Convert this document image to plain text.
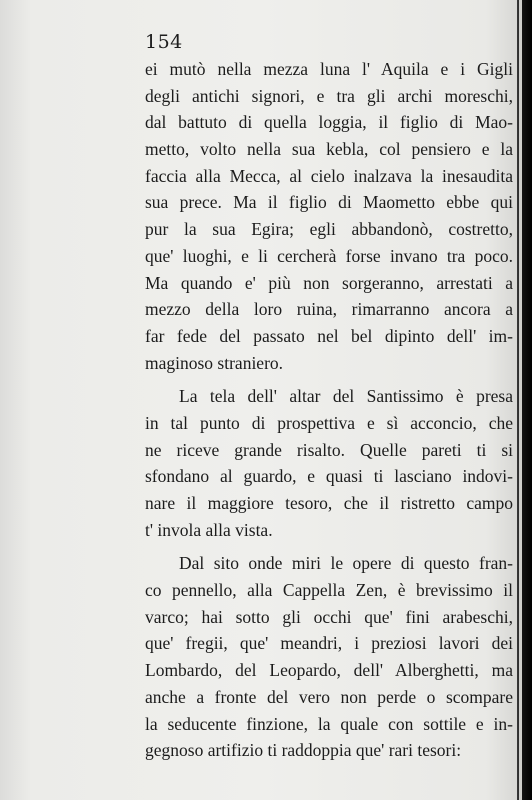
154
ei mutò nella mezza luna l' Aquila e i Gigli
degli antichi signori, e tra gli archi moreschi,
dal battuto di quella loggia, il figlio di Mao-
metto, volto nella sua kebla, col pensiero e la
faccia alla Mecca, al cielo inalzava la inesaudita
sua prece. Ma il figlio di Maometto ebbe qui
pur la sua Egira; egli abbandonò, costretto,
que' luoghi, e li cercherà forse invano tra poco.
Ma quando e' più non sorgeranno, arrestati a
mezzo della loro ruina, rimarranno ancora a
far fede del passato nel bel dipinto dell' im-
maginoso straniero.
La tela dell' altar del Santissimo è presa
in tal punto di prospettiva e sì acconcio, che
ne riceve grande risalto. Quelle pareti ti si
sfondano al guardo, e quasi ti lasciano indovi-
nare il maggiore tesoro, che il ristretto campo
t' invola alla vista.
Dal sito onde miri le opere di questo fran-
co pennello, alla Cappella Zen, è brevissimo il
varco; hai sotto gli occhi que' fini arabeschi,
que' fregii, que' meandri, i preziosi lavori dei
Lombardo, del Leopardo, dell' Alberghetti, ma
anche a fronte del vero non perde o scompare
la seducente finzione, la quale con sottile e in-
gegnoso artifizio ti raddoppia que' rari tesori:
